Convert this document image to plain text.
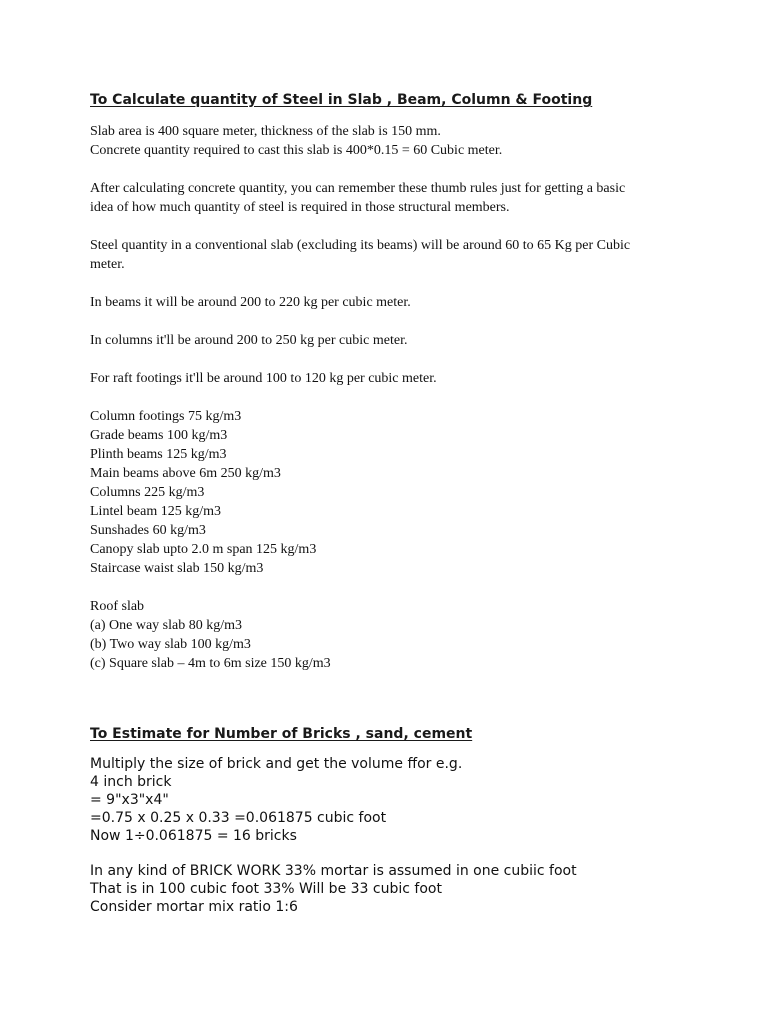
To Calculate quantity of Steel in Slab , Beam, Column & Footing
Slab area is 400 square meter, thickness of the slab is 150 mm.
Concrete quantity required to cast this slab is 400*0.15 = 60 Cubic meter.
After calculating concrete quantity, you can remember these thumb rules just for getting a basic
idea of how much quantity of steel is required in those structural members.
Steel quantity in a conventional slab (excluding its beams) will be around 60 to 65 Kg per Cubic
meter.
In beams it will be around 200 to 220 kg per cubic meter.
In columns it'll be around 200 to 250 kg per cubic meter.
For raft footings it'll be around 100 to 120 kg per cubic meter.
Column footings 75 kg/m3
Grade beams 100 kg/m3
Plinth beams 125 kg/m3
Main beams above 6m 250 kg/m3
Columns 225 kg/m3
Lintel beam 125 kg/m3
Sunshades 60 kg/m3
Canopy slab upto 2.0 m span 125 kg/m3
Staircase waist slab 150 kg/m3
Roof slab
(a) One way slab 80 kg/m3
(b) Two way slab 100 kg/m3
(c) Square slab – 4m to 6m size 150 kg/m3
To Estimate for Number of Bricks , sand, cement
Multiply the size of brick and get the volume ffor e.g.
4 inch brick
= 9"x3"x4"
=0.75 x 0.25 x 0.33 =0.061875 cubic foot
Now 1÷0.061875 = 16 bricks
In any kind of BRICK WORK 33% mortar is assumed in one cubiic foot
That is in 100 cubic foot 33% Will be 33 cubic foot
Consider mortar mix ratio 1:6
